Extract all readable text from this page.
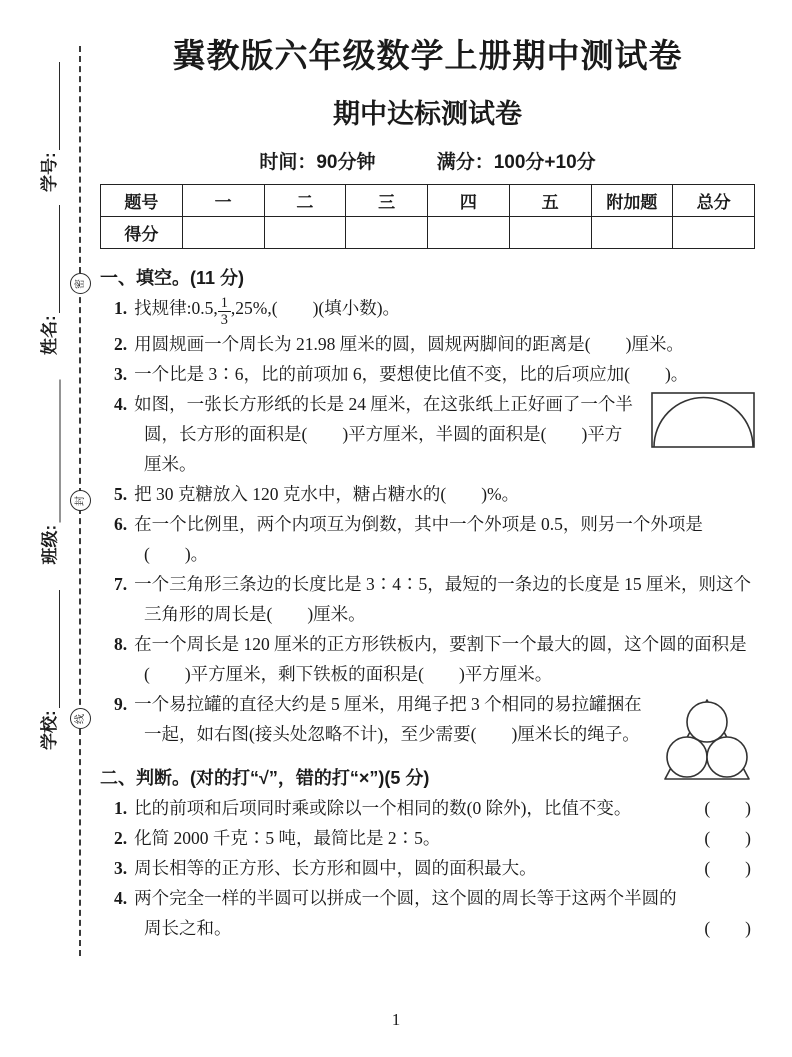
密
封
线
学号:
姓名:
班级:
学校:
冀教版六年级数学上册期中测试卷
期中达标测试卷
时间：90分钟	满分：100分+10分
题号	一	二	三	四	五	附加题	总分
得分							
一、填空。(11 分)
1. 找规律:0.5, $\frac{1}{3} ,25\%$,(　　)(填小数)。
2. 用圆规画一个周长为 21.98 厘米的圆，圆规两脚间的距离是(　　)厘米。
3. 一个比是 3∶6，比的前项加 6，要想使比值不变，比的后项应加(　　)。
4. 如图，一张长方形纸的长是 24 厘米，在这张纸上正好画了一个半圆，长方形的面积是(　　)平方厘米，半圆的面积是(　　)平方厘米。
5. 把 30 克糖放入 120 克水中，糖占糖水的(　　)%。
6. 在一个比例里，两个内项互为倒数，其中一个外项是 0.5，则另一个外项是(　　)。
7. 一个三角形三条边的长度比是 3∶4∶5，最短的一条边的长度是 15 厘米，则这个三角形的周长是(　　)厘米。
8. 在一个周长是 120 厘米的正方形铁板内，要割下一个最大的圆，这个圆的面积是(　　)平方厘米，剩下铁板的面积是(　　)平方厘米。
9. 一个易拉罐的直径大约是 5 厘米，用绳子把 3 个相同的易拉罐捆在一起，如右图(接头处忽略不计)，至少需要(　　)厘米长的绳子。
二、判断。(对的打“√”，错的打“×”)(5 分)
1. 比的前项和后项同时乘或除以一个相同的数(0 除外)，比值不变。	(　　)
2. 化简 2000 千克∶5 吨，最简比是 2∶5。	(　　)
3. 周长相等的正方形、长方形和圆中，圆的面积最大。	(　　)
4. 两个完全一样的半圆可以拼成一个圆，这个圆的周长等于这两个半圆的周长之和。	(　　)
1
